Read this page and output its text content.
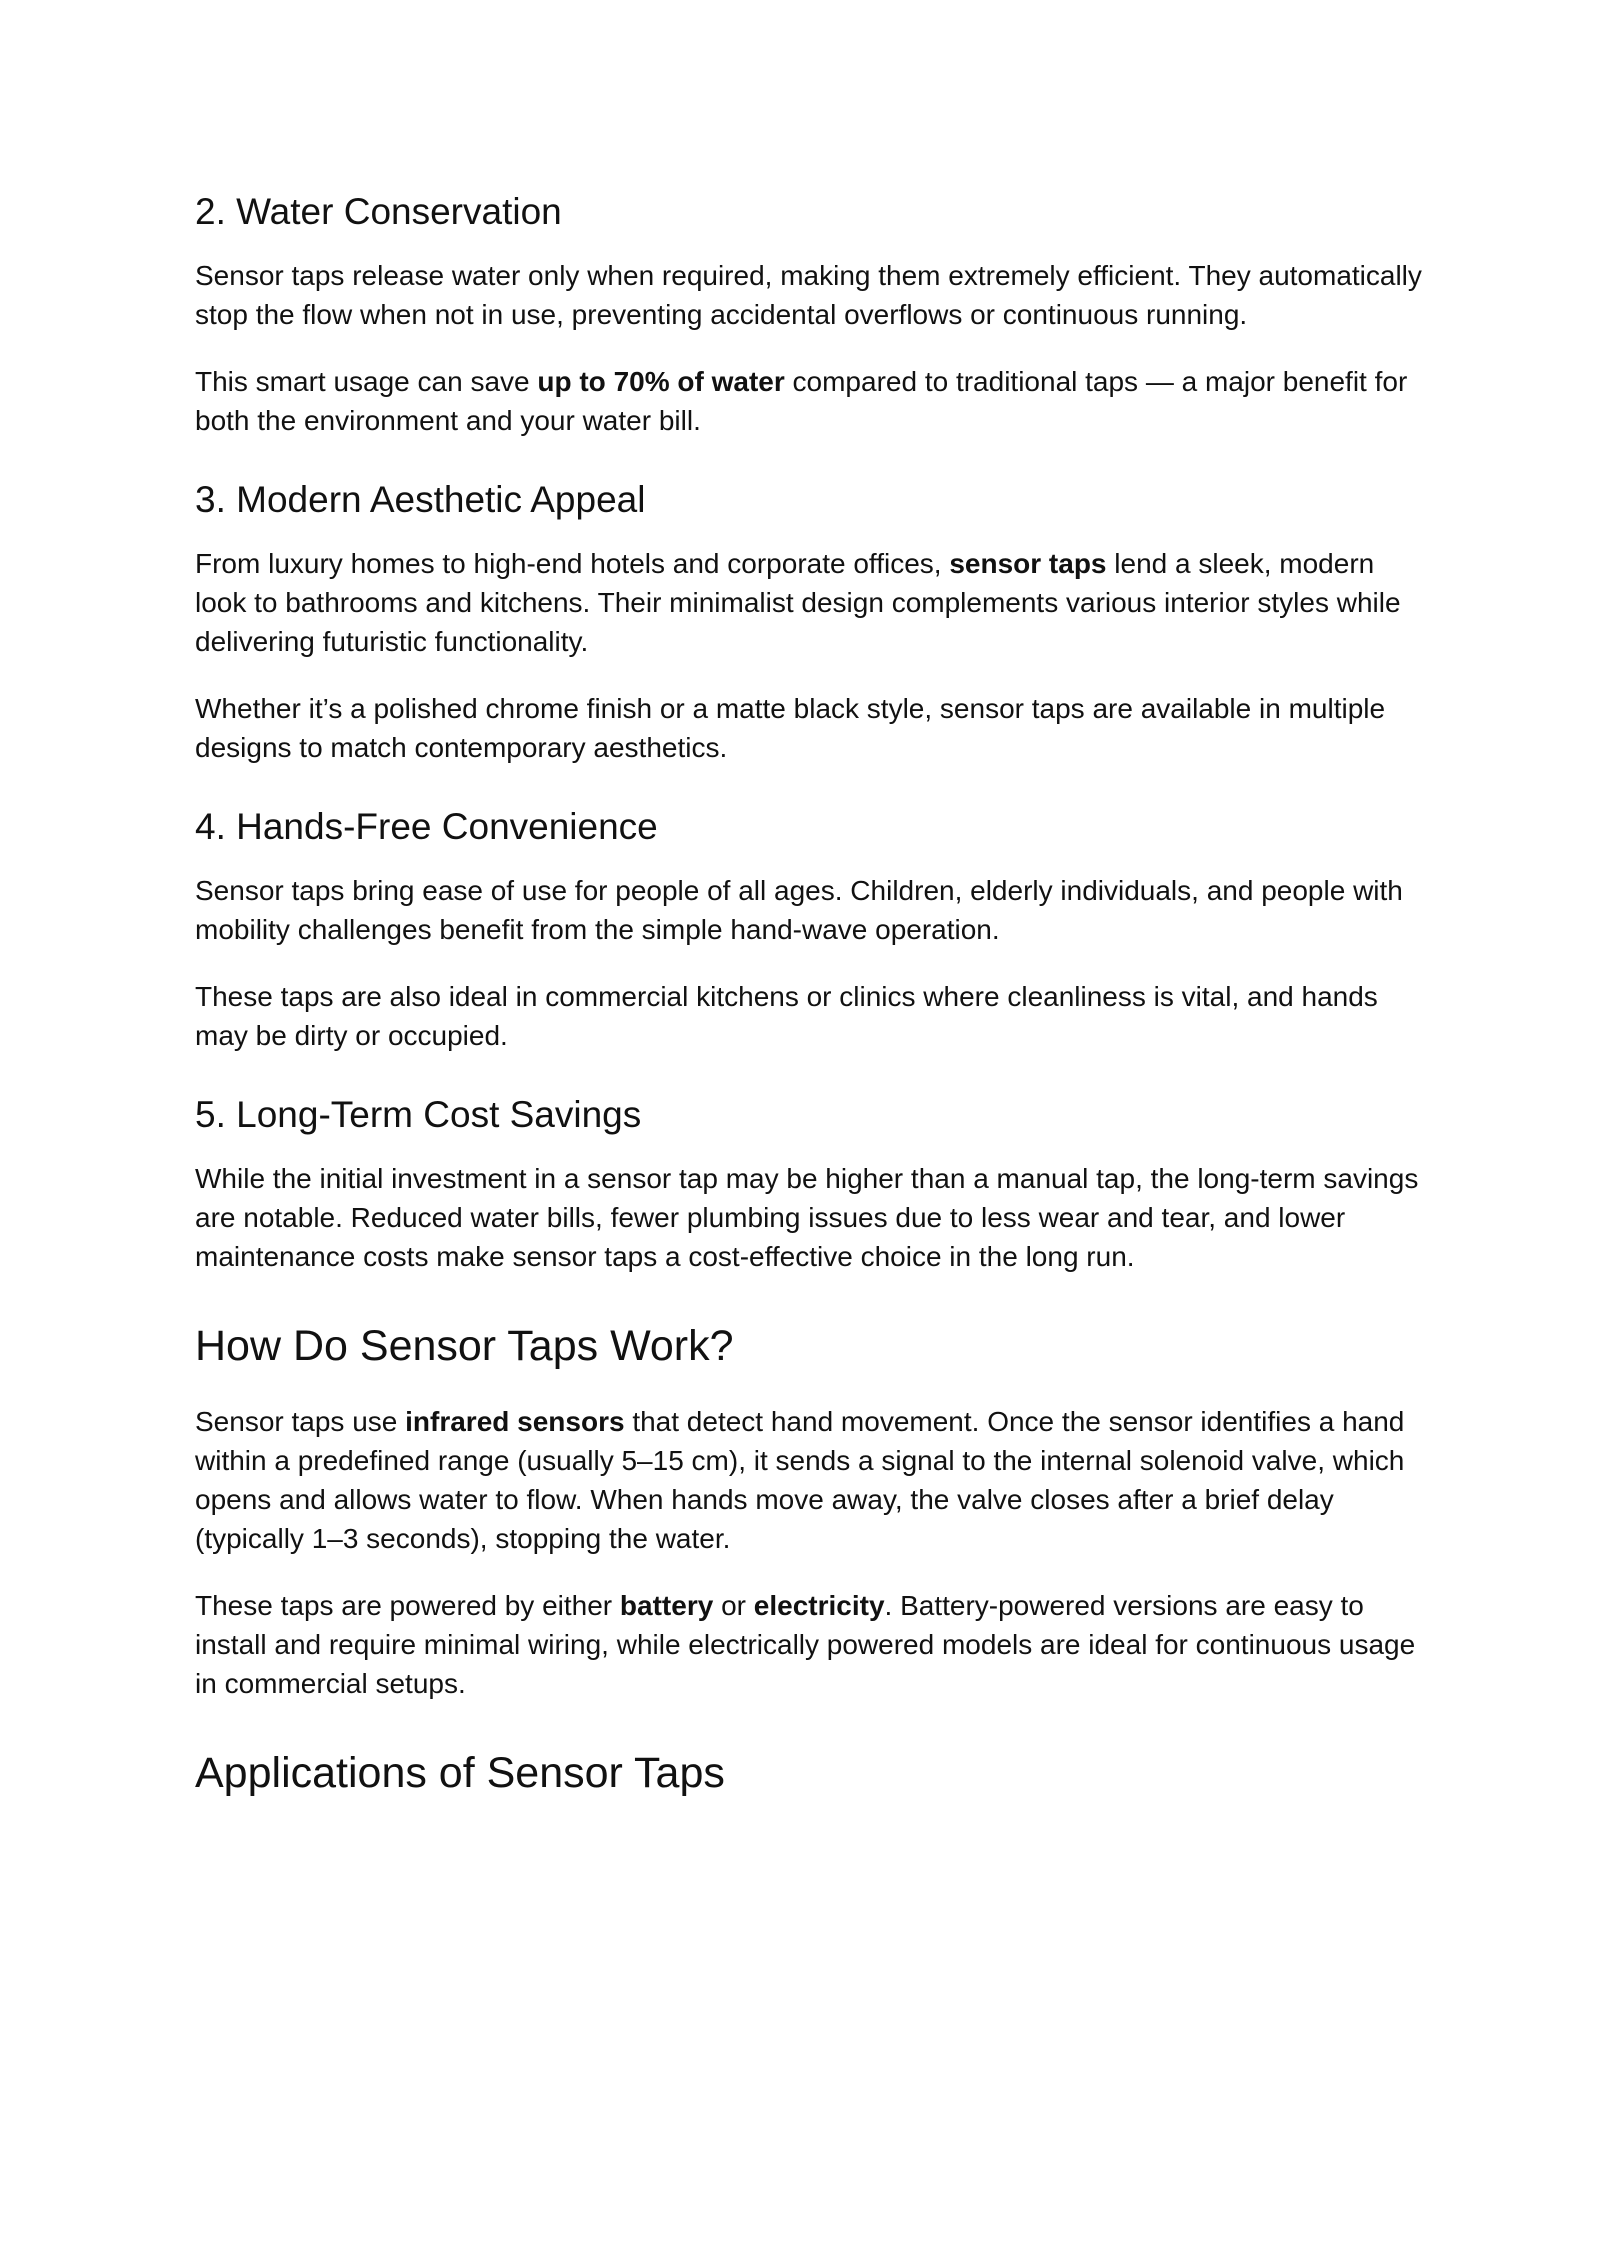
2. Water Conservation

Sensor taps release water only when required, making them extremely efficient. They automatically stop the flow when not in use, preventing accidental overflows or continuous running.

This smart usage can save up to 70% of water compared to traditional taps — a major benefit for both the environment and your water bill.

3. Modern Aesthetic Appeal

From luxury homes to high-end hotels and corporate offices, sensor taps lend a sleek, modern look to bathrooms and kitchens. Their minimalist design complements various interior styles while delivering futuristic functionality.

Whether it’s a polished chrome finish or a matte black style, sensor taps are available in multiple designs to match contemporary aesthetics.

4. Hands-Free Convenience

Sensor taps bring ease of use for people of all ages. Children, elderly individuals, and people with mobility challenges benefit from the simple hand-wave operation.

These taps are also ideal in commercial kitchens or clinics where cleanliness is vital, and hands may be dirty or occupied.

5. Long-Term Cost Savings

While the initial investment in a sensor tap may be higher than a manual tap, the long-term savings are notable. Reduced water bills, fewer plumbing issues due to less wear and tear, and lower maintenance costs make sensor taps a cost-effective choice in the long run.

How Do Sensor Taps Work?

Sensor taps use infrared sensors that detect hand movement. Once the sensor identifies a hand within a predefined range (usually 5–15 cm), it sends a signal to the internal solenoid valve, which opens and allows water to flow. When hands move away, the valve closes after a brief delay (typically 1–3 seconds), stopping the water.

These taps are powered by either battery or electricity. Battery-powered versions are easy to install and require minimal wiring, while electrically powered models are ideal for continuous usage in commercial setups.

Applications of Sensor Taps
